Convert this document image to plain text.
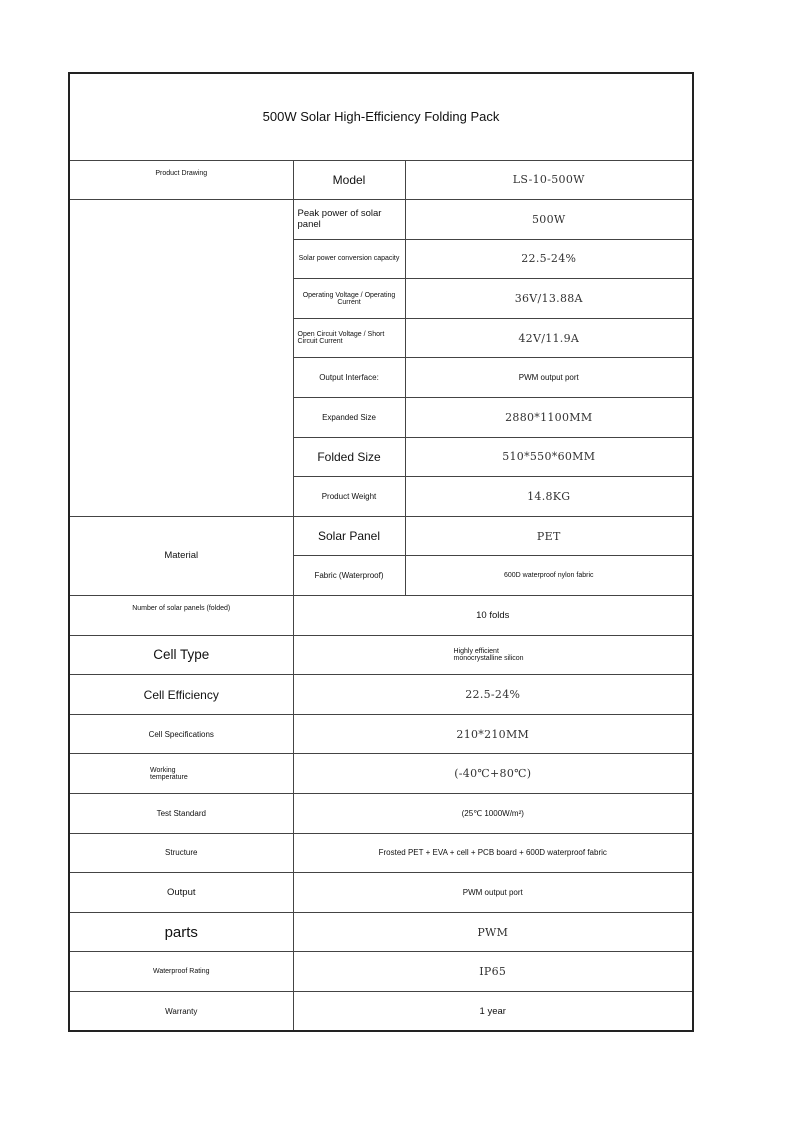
500W Solar High-Efficiency Folding Pack		
Product Drawing	Model	LS-10-500W
	Peak power of solar panel	500W
	Solar power conversion capacity	22.5-24%
	Operating Voltage / Operating Current	36V/13.88A
	Open Circuit Voltage / Short Circuit Current	42V/11.9A
	Output Interface:	PWM output port
	Expanded Size	2880*1100MM
	Folded Size	510*550*60MM
	Product Weight	14.8KG
Material	Solar Panel	PET
	Fabric (Waterproof)	600D waterproof nylon fabric
Number of solar panels (folded)	10 folds	
Cell Type	Highly efficient
monocrystalline silicon	
Cell Efficiency	22.5-24%	
Cell Specifications	210*210MM	
Working
temperature	(-40℃+80℃)	
Test Standard	(25℃ 1000W/m²)	
Structure	Frosted PET + EVA + cell + PCB board + 600D waterproof fabric	
Output	PWM output port	
parts	PWM	
Waterproof Rating	IP65	
Warranty	1 year	
